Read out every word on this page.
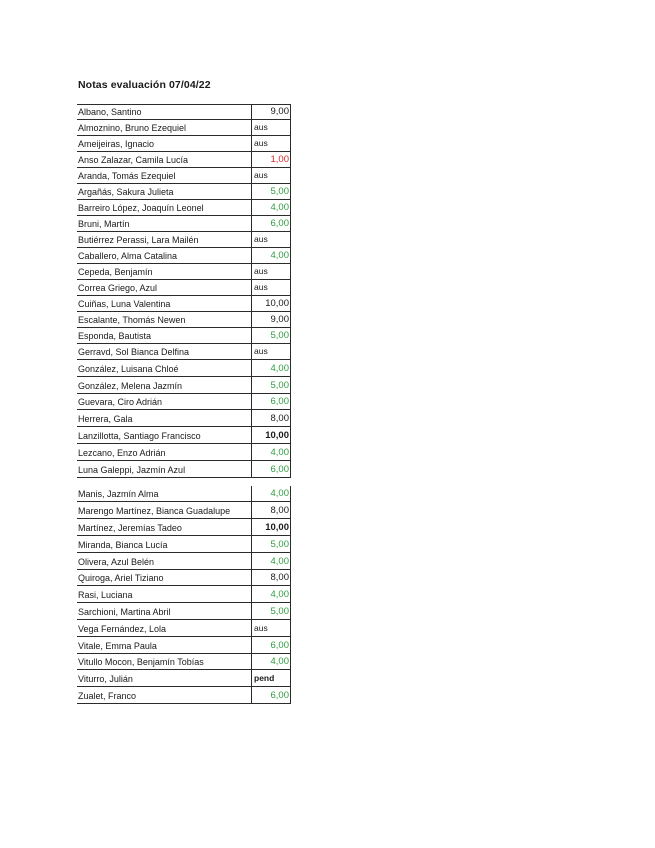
Notas evaluación 07/04/22
Albano, Santino	9,00
Almoznino, Bruno Ezequiel	aus
Ameijeiras, Ignacio	aus
Anso Zalazar, Camila Lucía	1,00
Aranda, Tomás Ezequiel	aus
Argañás, Sakura Julieta	5,00
Barreiro López, Joaquín Leonel	4,00
Bruni, Martín	6,00
Butiérrez Perassi, Lara Mailén	aus
Caballero, Alma Catalina	4,00
Cepeda, Benjamín	aus
Correa Griego, Azul	aus
Cuiñas, Luna Valentina	10,00
Escalante, Thomás Newen	9,00
Esponda, Bautista	5,00
Gerravd, Sol Bianca Delfina	aus
González, Luisana Chloé	4,00
González, Melena Jazmín	5,00
Guevara, Ciro Adrián	6,00
Herrera, Gala	8,00
Lanzillotta, Santiago Francisco	10,00
Lezcano, Enzo Adrián	4,00
Luna Galeppi, Jazmín Azul	6,00
Manis, Jazmín Alma	4,00
Marengo Martínez, Bianca Guadalupe	8,00
Martínez, Jeremías Tadeo	10,00
Miranda, Bianca Lucía	5,00
Olivera, Azul Belén	4,00
Quiroga, Ariel Tiziano	8,00
Rasi, Luciana	4,00
Sarchioni, Martina Abril	5,00
Vega Fernández, Lola	aus
Vitale, Emma Paula	6,00
Vitullo Mocon, Benjamín Tobías	4,00
Viturro, Julián	pend
Zualet, Franco	6,00
